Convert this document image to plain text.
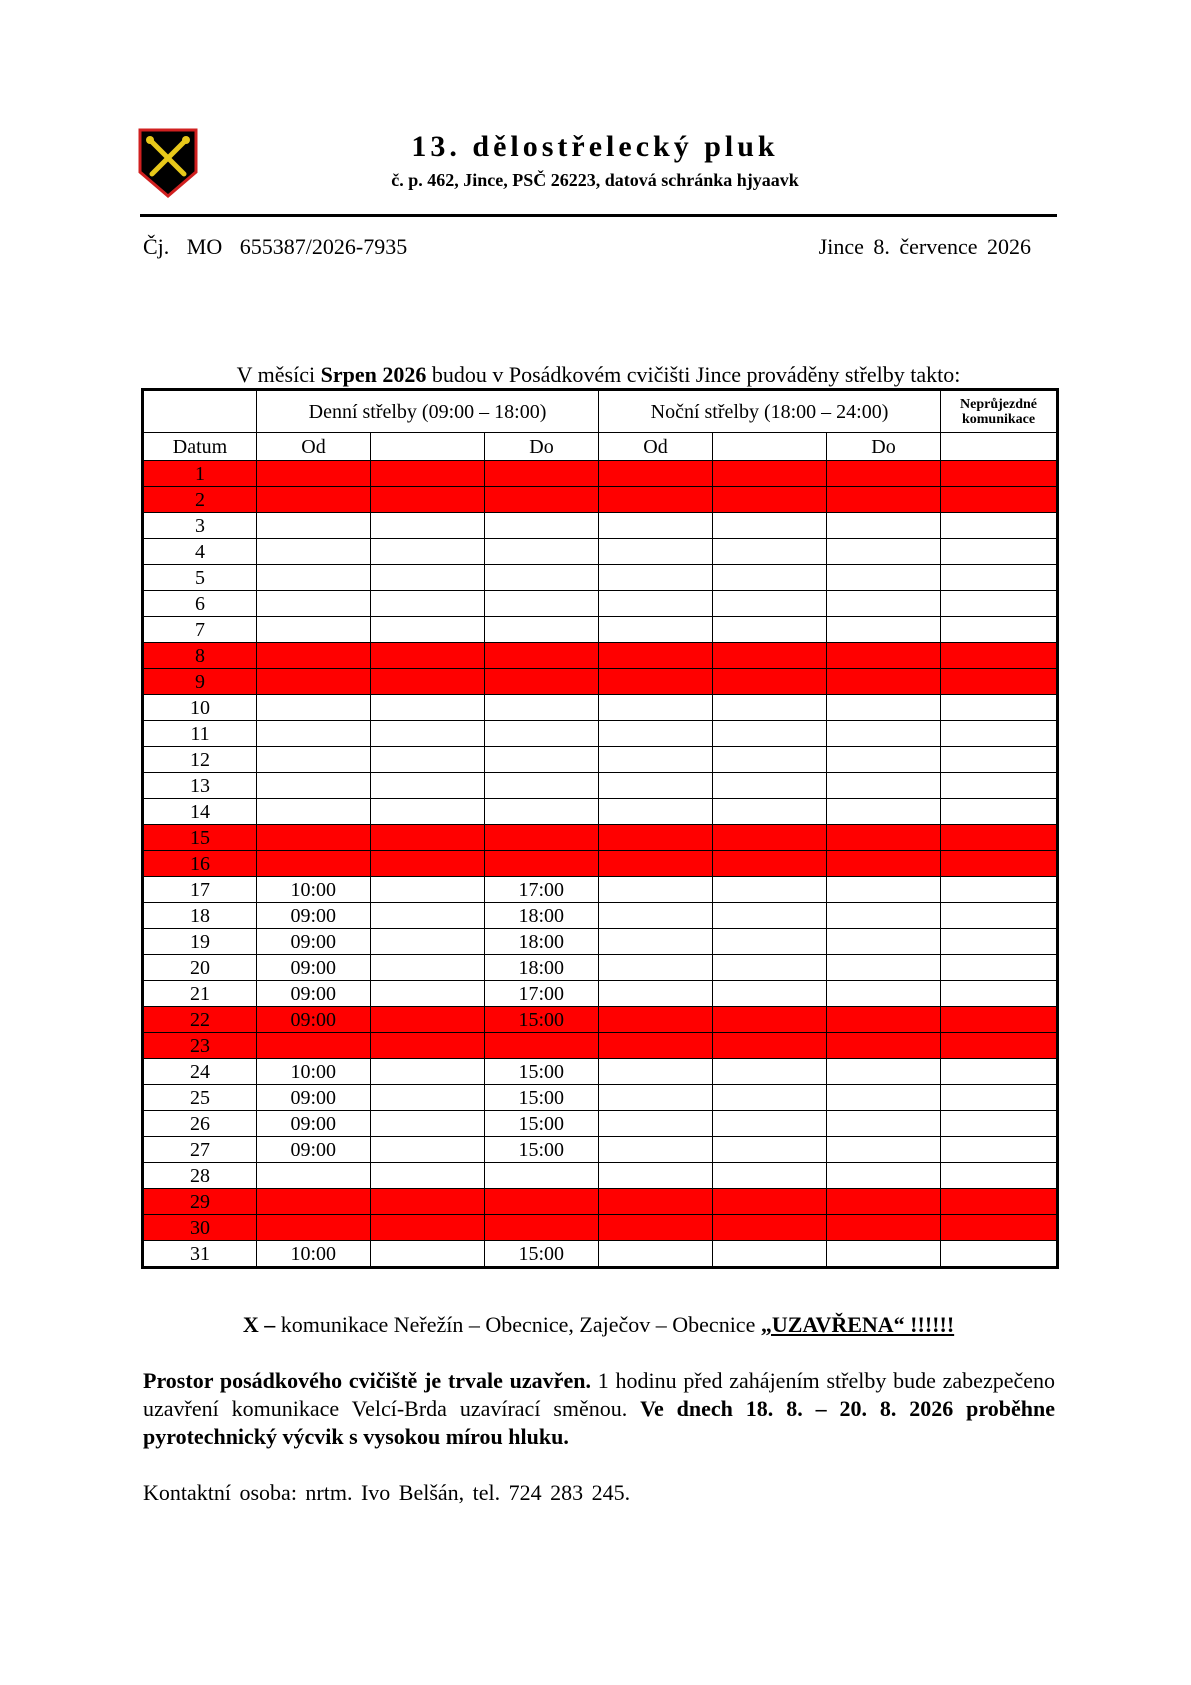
13. dělostřelecký pluk
č. p. 462, Jince, PSČ 26223, datová schránka hjyaavk
Čj. MO 655387/2026-7935	Jince 8. července 2026
V měsíci Srpen 2026 budou v Posádkovém cvičišti Jince prováděny střelby takto:
	Denní střelby (09:00 – 18:00)			Noční střelby (18:00 – 24:00)			Neprůjezdné komunikace
Datum	Od		Do	Od		Do	
1							
2							
3							
4							
5							
6							
7							
8							
9							
10							
11							
12							
13							
14							
15							
16							
17	10:00		17:00				
18	09:00		18:00				
19	09:00		18:00				
20	09:00		18:00				
21	09:00		17:00				
22	09:00		15:00				
23							
24	10:00		15:00				
25	09:00		15:00				
26	09:00		15:00				
27	09:00		15:00				
28							
29							
30							
31	10:00		15:00				
X – komunikace Neřežín – Obecnice, Zaječov – Obecnice „UZAVŘENA“ !!!!!!
Prostor posádkového cvičiště je trvale uzavřen. 1 hodinu před zahájením střelby bude zabezpečeno uzavření komunikace Velcí-Brda uzavírací směnou. Ve dnech 18. 8. – 20. 8. 2026 proběhne pyrotechnický výcvik s vysokou mírou hluku.
Kontaktní osoba: nrtm. Ivo Belšán, tel. 724 283 245.
